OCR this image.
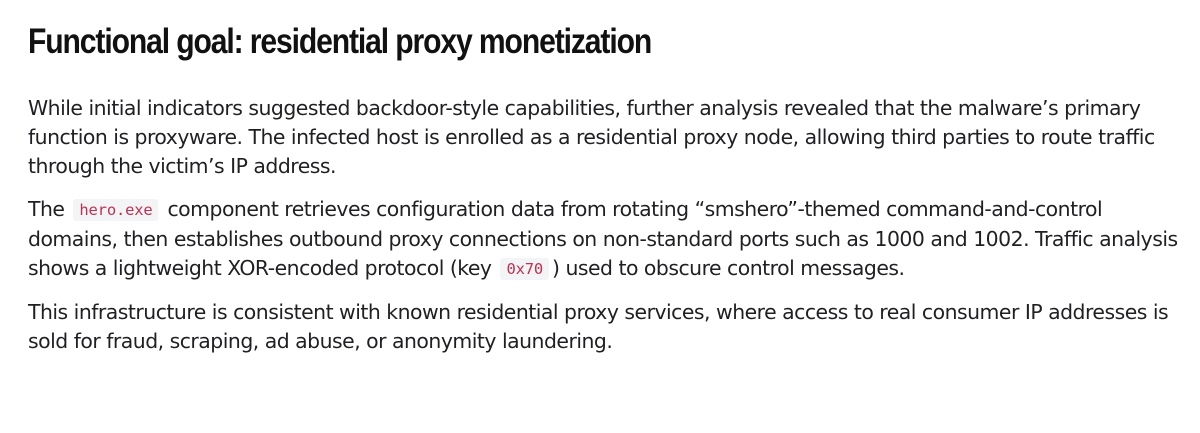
Functional goal: residential proxy monetization

While initial indicators suggested backdoor-style capabilities, further analysis revealed that the malware’s primary function is proxyware. The infected host is enrolled as a residential proxy node, allowing third parties to route traffic through the victim’s IP address.

The hero.exe component retrieves configuration data from rotating “smshero”-themed command-and-control domains, then establishes outbound proxy connections on non-standard ports such as 1000 and 1002. Traffic analysis shows a lightweight XOR-encoded protocol (key 0x70 ) used to obscure control messages.

This infrastructure is consistent with known residential proxy services, where access to real consumer IP addresses is sold for fraud, scraping, ad abuse, or anonymity laundering.
